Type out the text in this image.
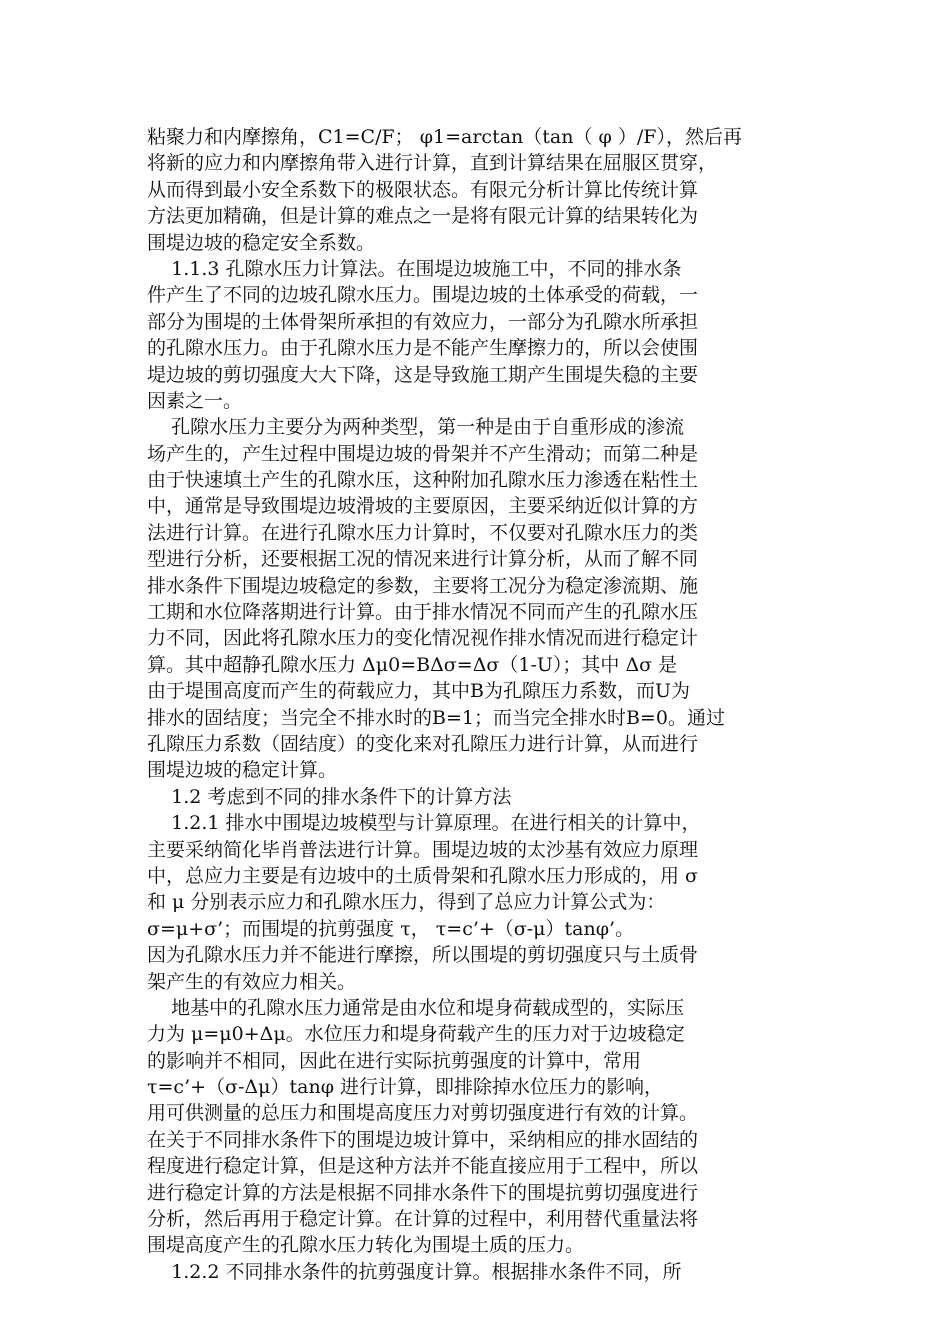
粘聚力和内摩擦角，C1=C/F； φ1=arctan（tan（ φ ）/F），然后再
将新的应力和内摩擦角带入进行计算，直到计算结果在屈服区贯穿，
从而得到最小安全系数下的极限状态。有限元分析计算比传统计算
方法更加精确，但是计算的难点之一是将有限元计算的结果转化为
围堤边坡的稳定安全系数。
1.1.3 孔隙水压力计算法。在围堤边坡施工中，不同的排水条
件产生了不同的边坡孔隙水压力。围堤边坡的土体承受的荷载，一
部分为围堤的土体骨架所承担的有效应力，一部分为孔隙水所承担
的孔隙水压力。由于孔隙水压力是不能产生摩擦力的，所以会使围
堤边坡的剪切强度大大下降，这是导致施工期产生围堤失稳的主要
因素之一。
孔隙水压力主要分为两种类型，第一种是由于自重形成的渗流
场产生的，产生过程中围堤边坡的骨架并不产生滑动；而第二种是
由于快速填土产生的孔隙水压，这种附加孔隙水压力渗透在粘性土
中，通常是导致围堤边坡滑坡的主要原因，主要采纳近似计算的方
法进行计算。在进行孔隙水压力计算时，不仅要对孔隙水压力的类
型进行分析，还要根据工况的情况来进行计算分析，从而了解不同
排水条件下围堤边坡稳定的参数，主要将工况分为稳定渗流期、施
工期和水位降落期进行计算。由于排水情况不同而产生的孔隙水压
力不同，因此将孔隙水压力的变化情况视作排水情况而进行稳定计
算。其中超静孔隙水压力 Δμ0=BΔσ=Δσ（1-U）；其中 Δσ 是
由于堤围高度而产生的荷载应力，其中B为孔隙压力系数，而U为
排水的固结度；当完全不排水时的B=1；而当完全排水时B=0。通过
孔隙压力系数（固结度）的变化来对孔隙压力进行计算，从而进行
围堤边坡的稳定计算。
1.2 考虑到不同的排水条件下的计算方法
1.2.1 排水中围堤边坡模型与计算原理。在进行相关的计算中，
主要采纳简化毕肖普法进行计算。围堤边坡的太沙基有效应力原理
中，总应力主要是有边坡中的土质骨架和孔隙水压力形成的，用 σ
和 μ 分别表示应力和孔隙水压力，得到了总应力计算公式为：
σ=μ+σ’；而围堤的抗剪强度 τ， τ=c’+（σ-μ）tanφ’。
因为孔隙水压力并不能进行摩擦，所以围堤的剪切强度只与土质骨
架产生的有效应力相关。
地基中的孔隙水压力通常是由水位和堤身荷载成型的，实际压
力为 μ=μ0+Δμ。水位压力和堤身荷载产生的压力对于边坡稳定
的影响并不相同，因此在进行实际抗剪强度的计算中，常用
τ=c’+（σ-Δμ）tanφ 进行计算，即排除掉水位压力的影响，
用可供测量的总压力和围堤高度压力对剪切强度进行有效的计算。
在关于不同排水条件下的围堤边坡计算中，采纳相应的排水固结的
程度进行稳定计算，但是这种方法并不能直接应用于工程中，所以
进行稳定计算的方法是根据不同排水条件下的围堤抗剪切强度进行
分析，然后再用于稳定计算。在计算的过程中，利用替代重量法将
围堤高度产生的孔隙水压力转化为围堤土质的压力。
1.2.2 不同排水条件的抗剪强度计算。根据排水条件不同，所
